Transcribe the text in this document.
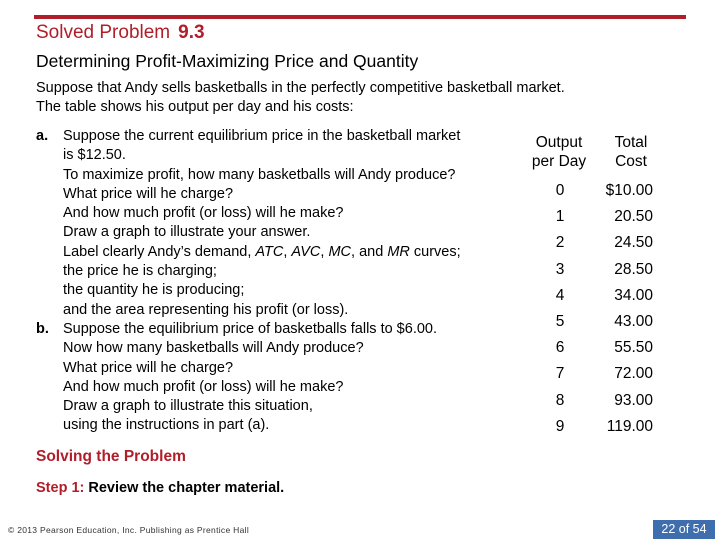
Solved Problem 9.3
Determining Profit-Maximizing Price and Quantity
Suppose that Andy sells basketballs in the perfectly competitive basketball market.
The table shows his output per day and his costs:
a.	Suppose the current equilibrium price in the basketball market
is $12.50.
To maximize profit, how many basketballs will Andy produce?
What price will he charge?
And how much profit (or loss) will he make?
Draw a graph to illustrate your answer.
Label clearly Andy’s demand, ATC, AVC, MC, and MR curves;
the price he is charging;
the quantity he is producing;
and the area representing his profit (or loss).
b. Suppose the equilibrium price of basketballs falls to $6.00.
Now how many basketballs will Andy produce?
What price will he charge?
And how much profit (or loss) will he make?
Draw a graph to illustrate this situation,
using the instructions in part (a).
Output
per Day
Total
Cost
0	$10.00
1	20.50
2	24.50
3	28.50
4	34.00
5	43.00
6	55.50
7	72.00
8	93.00
9	119.00
Solving the Problem
Step 1: Review the chapter material.
© 2013 Pearson Education, Inc. Publishing as Prentice Hall	22 of 54
